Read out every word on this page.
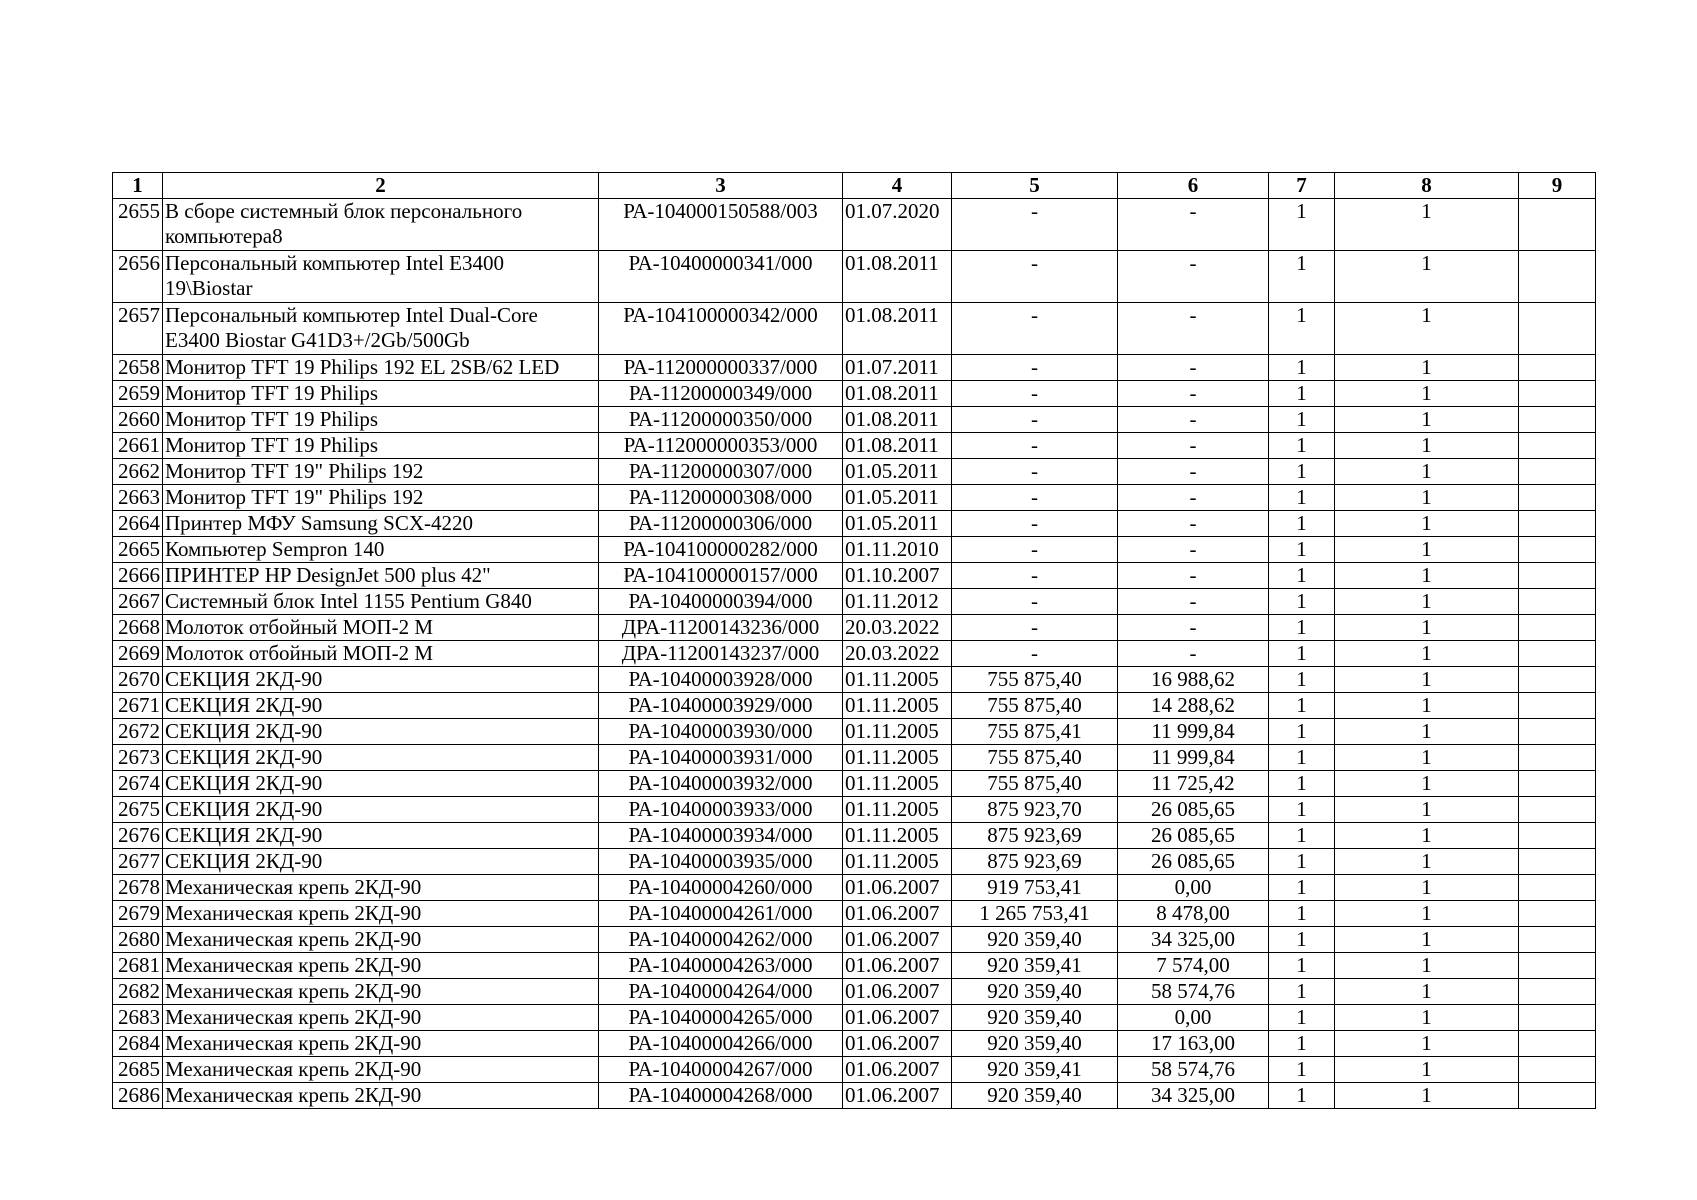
1	2	3	4	5	6	7	8	9
2655	В сборе системный блок персонального компьютера8	РА-104000150588/003	01.07.2020	-	-	1	1	
2656	Персональный компьютер Intel E3400 19\Biostar	РА-10400000341/000	01.08.2011	-	-	1	1	
2657	Персональный компьютер Intel Dual-Core E3400 Biostar G41D3+/2Gb/500Gb	РА-104100000342/000	01.08.2011	-	-	1	1	
2658	Монитор TFT 19 Philips 192 EL 2SB/62 LED	РА-112000000337/000	01.07.2011	-	-	1	1	
2659	Монитор TFT 19 Philips	РА-11200000349/000	01.08.2011	-	-	1	1	
2660	Монитор TFT 19 Philips	РА-11200000350/000	01.08.2011	-	-	1	1	
2661	Монитор TFT 19 Philips	РА-112000000353/000	01.08.2011	-	-	1	1	
2662	Монитор TFT 19" Philips 192	РА-11200000307/000	01.05.2011	-	-	1	1	
2663	Монитор TFT 19" Philips 192	РА-11200000308/000	01.05.2011	-	-	1	1	
2664	Принтер МФУ Samsung SCX-4220	РА-11200000306/000	01.05.2011	-	-	1	1	
2665	Компьютер Sempron 140	РА-104100000282/000	01.11.2010	-	-	1	1	
2666	ПРИНТЕР HP DesignJet 500 plus 42"	РА-104100000157/000	01.10.2007	-	-	1	1	
2667	Системный блок Intel 1155 Pentium G840	РА-10400000394/000	01.11.2012	-	-	1	1	
2668	Молоток отбойный МОП-2 М	ДРА-11200143236/000	20.03.2022	-	-	1	1	
2669	Молоток отбойный МОП-2 М	ДРА-11200143237/000	20.03.2022	-	-	1	1	
2670	СЕКЦИЯ 2КД-90	РА-10400003928/000	01.11.2005	755 875,40	16 988,62	1	1	
2671	СЕКЦИЯ 2КД-90	РА-10400003929/000	01.11.2005	755 875,40	14 288,62	1	1	
2672	СЕКЦИЯ 2КД-90	РА-10400003930/000	01.11.2005	755 875,41	11 999,84	1	1	
2673	СЕКЦИЯ 2КД-90	РА-10400003931/000	01.11.2005	755 875,40	11 999,84	1	1	
2674	СЕКЦИЯ 2КД-90	РА-10400003932/000	01.11.2005	755 875,40	11 725,42	1	1	
2675	СЕКЦИЯ 2КД-90	РА-10400003933/000	01.11.2005	875 923,70	26 085,65	1	1	
2676	СЕКЦИЯ 2КД-90	РА-10400003934/000	01.11.2005	875 923,69	26 085,65	1	1	
2677	СЕКЦИЯ 2КД-90	РА-10400003935/000	01.11.2005	875 923,69	26 085,65	1	1	
2678	Механическая крепь 2КД-90	РА-10400004260/000	01.06.2007	919 753,41	0,00	1	1	
2679	Механическая крепь 2КД-90	РА-10400004261/000	01.06.2007	1 265 753,41	8 478,00	1	1	
2680	Механическая крепь 2КД-90	РА-10400004262/000	01.06.2007	920 359,40	34 325,00	1	1	
2681	Механическая крепь 2КД-90	РА-10400004263/000	01.06.2007	920 359,41	7 574,00	1	1	
2682	Механическая крепь 2КД-90	РА-10400004264/000	01.06.2007	920 359,40	58 574,76	1	1	
2683	Механическая крепь 2КД-90	РА-10400004265/000	01.06.2007	920 359,40	0,00	1	1	
2684	Механическая крепь 2КД-90	РА-10400004266/000	01.06.2007	920 359,40	17 163,00	1	1	
2685	Механическая крепь 2КД-90	РА-10400004267/000	01.06.2007	920 359,41	58 574,76	1	1	
2686	Механическая крепь 2КД-90	РА-10400004268/000	01.06.2007	920 359,40	34 325,00	1	1	
